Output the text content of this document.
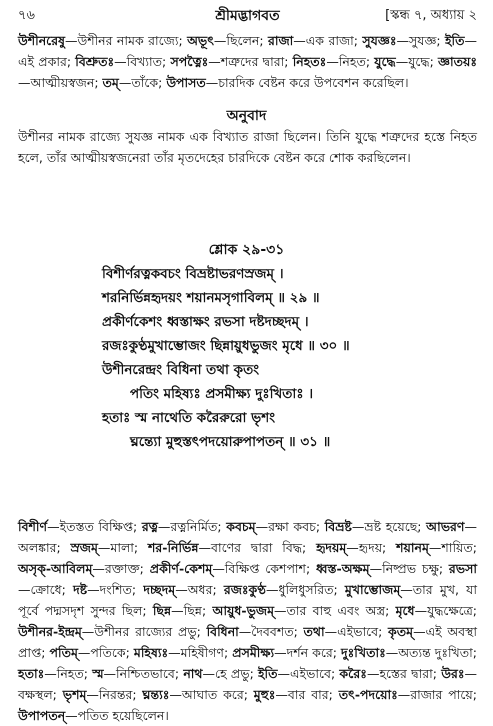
৭৬	শ্রীমদ্ভাগবত	[স্কন্ধ ৭, অধ্যায় ২
উশীনরেষু—উশীনর নামক রাজ্যে; অভূৎ—ছিলেন; রাজা—এক রাজা; সুযজ্ঞঃ—সুযজ্ঞ; ইতি—এই প্রকার; বিশ্রুতঃ—বিখ্যাত; সপত্নৈঃ—শত্রুদের দ্বারা; নিহতঃ—নিহত; যুদ্ধে—যুদ্ধে; জ্ঞাতয়ঃ—আত্মীয়স্বজন; তম্—তাঁকে; উপাসত—চারদিক বেষ্টন করে উপবেশন করেছিল।
অনুবাদ
উশীনর নামক রাজ্যে সুযজ্ঞ নামক এক বিখ্যাত রাজা ছিলেন। তিনি যুদ্ধে শত্রুদের হস্তে নিহত হলে, তাঁর আত্মীয়স্বজনেরা তাঁর মৃতদেহের চারদিকে বেষ্টন করে শোক করছিলেন।
শ্লোক ২৯-৩১
বিশীর্ণরত্নকবচং বিভ্রষ্টাভরণস্রজম্ ।
শরনির্ভিন্নহৃদয়ং শয়ানমসৃগাবিলম্ ॥ ২৯ ॥
প্রকীর্ণকেশং ধ্বস্তাক্ষং রভসা দষ্টদচ্ছদম্ ।
রজঃকুণ্ঠমুখাম্ভোজং ছিন্নায়ুধভুজং মৃধে ॥ ৩০ ॥
উশীনরেন্দ্রং বিধিনা তথা কৃতং
পতিং মহিষ্যঃ প্রসমীক্ষ্য দুঃখিতাঃ ।
হতাঃ স্ম নাথেতি করৈরুরো ভৃশং
ঘ্নন্ত্যো মুহুস্তৎপদয়োরুপাপতন্ ॥ ৩১ ॥
বিশীর্ণ—ইতস্তত বিক্ষিপ্ত; রত্ন—রত্ননির্মিত; কবচম্—রক্ষা কবচ; বিভ্রষ্ট—ভ্রষ্ট হয়েছে; আভরণ—অলঙ্কার; স্রজম্—মালা; শর-নির্ভিন্ন—বাণের দ্বারা বিদ্ধ; হৃদয়ম্—হৃদয়; শয়ানম্—শায়িত; অসৃক্-আবিলম্—রক্তাক্ত; প্রকীর্ণ-কেশম্—বিক্ষিপ্ত কেশপাশ; ধ্বস্ত-অক্ষম্—নিষ্প্রভ চক্ষু; রভসা—ক্রোধে; দষ্ট—দংশিত; দচ্ছদম্—অধর; রজঃকুণ্ঠ—ধুলিধুসরিত; মুখাম্ভোজম্—তার মুখ, যা পূর্বে পদ্মসদৃশ সুন্দর ছিল; ছিন্ন—ছিন্ন; আয়ুধ-ভুজম্—তার বাহু এবং অস্ত্র; মৃধে—যুদ্ধক্ষেত্রে; উশীনর-ইন্দ্রম্—উশীনর রাজ্যের প্রভু; বিধিনা—দৈববশত; তথা—এইভাবে; কৃতম্—এই অবস্থা প্রাপ্ত; পতিম্—পতিকে; মহিষ্যঃ—মহিষীগণ; প্রসমীক্ষ্য—দর্শন করে; দুঃখিতাঃ—অত্যন্ত দুঃখিতা; হতাঃ—নিহত; স্ম—নিশ্চিতভাবে; নাথ—হে প্রভু; ইতি—এইভাবে; করৈঃ—হস্তের দ্বারা; উরঃ—বক্ষস্থল; ভৃশম্—নিরন্তর; ঘ্নন্ত্যঃ—আঘাত করে; মুহুঃ—বার বার; তৎ-পদয়োঃ—রাজার পায়ে; উপাপতন্—পতিত হয়েছিলেন।
